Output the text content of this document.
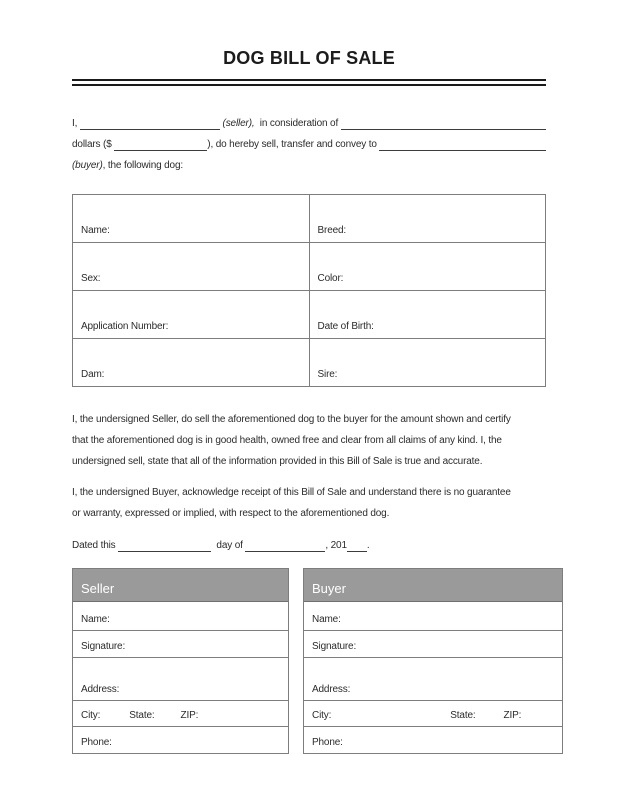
DOG BILL OF SALE
I,	(seller), in consideration of
dollars ($	), do hereby sell, transfer and convey to
(buyer) , the following dog:
Name:	Breed:
Sex:	Color:
Application Number:	Date of Birth:
Dam:	Sire:
I, the undersigned Seller, do sell the aforementioned dog to the buyer for the amount shown and certify
that the aforementioned dog is in good health, owned free and clear from all claims of any kind. I, the
undersigned sell, state that all of the information provided in this Bill of Sale is true and accurate.
I, the undersigned Buyer, acknowledge receipt of this Bill of Sale and understand there is no guarantee
or warranty, expressed or implied, with respect to the aforementioned dog.
Dated this	day of	, 201 .
Seller
Name:
Signature:
Address:
City:	State:	ZIP:
Phone:
Buyer
Name:
Signature:
Address:
City:	State:	ZIP:
Phone:
